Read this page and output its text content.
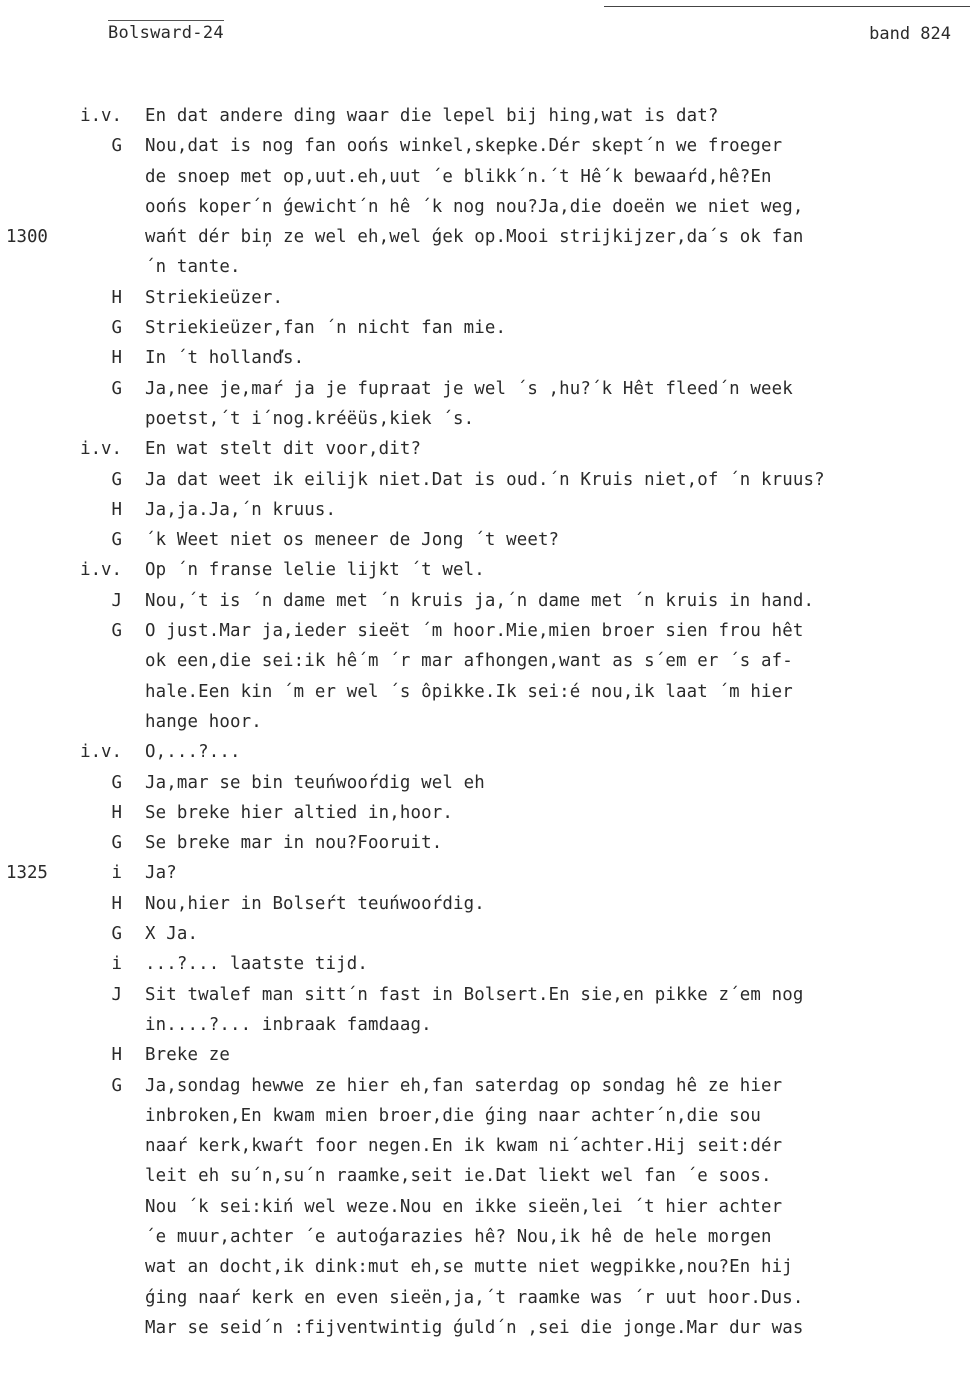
Bolsward-24	band 824
i.v. En dat andere ding waar die lepel bij hing,wat is dat?
G Nou,dat is nog fan oońs winkel,skepke.Dér skept´n we froeger
de snoep met op,uut.eh,uut ´e blikk´n.´t Hê´k bewaaŕd,hê?En
oońs koper´n ǵewicht´n hê ´k nog nou?Ja,die doeën we niet weg,
1300	wańt dér biņ ze wel eh,wel ǵek op.Mooi strijkijzer,da´s ok fan
´n tante.
H Striekieüzer.
G Striekieüzer,fan ´n nicht fan mie.
H In ´t hollanďs.
G Ja,nee je,maŕ ja je fupraat je wel ´s ,hu?´k Hêt fleed´n week
poetst,´t i´nog.kréëüs,kiek ´s.
i.v. En wat stelt dit voor,dit?
G Ja dat weet ik eilijk niet.Dat is oud.´n Kruis niet,of ´n kruus?
H Ja,ja.Ja,´n kruus.
G ´k Weet niet os meneer de Jong ´t weet?
i.v. Op ´n franse lelie lijkt ´t wel.
J Nou,´t is ´n dame met ´n kruis ja,´n dame met ´n kruis in hand.
G O just.Mar ja,ieder sieët ´m hoor.Mie,mien broer sien frou hêt
ok een,die sei:ik hê´m ´r mar afhongen,want as s´em er ´s af-
hale.Een kin ´m er wel ´s ôpikke.Ik sei:é nou,ik laat ´m hier
hange hoor.
i.v. O,...?...
G Ja,mar se bin teuńwooŕdig wel eh
H Se breke hier altied in,hoor.
G Se breke mar in nou?Fooruit.
1325	i Ja?
H Nou,hier in Bolseŕt teuńwooŕdig.
G X Ja.
i ...?... laatste tijd.
J Sit twalef man sitt´n fast in Bolsert.En sie,en pikke z´em nog
in....?... inbraak famdaag.
H Breke ze
G Ja,sondag hewwe ze hier eh,fan saterdag op sondag hê ze hier
inbroken,En kwam mien broer,die ǵing naar achter´n,die sou
naaŕ kerk,kwaŕt foor negen.En ik kwam ni´achter.Hij seit:dér
leit eh su´n,su´n raamke,seit ie.Dat liekt wel fan ´e soos.
Nou ´k sei:kiń wel weze.Nou en ikke sieën,lei ´t hier achter
´e muur,achter ´e autoǵarazies hê? Nou,ik hê de hele morgen
wat an docht,ik dink:mut eh,se mutte niet wegpikke,nou?En hij
ǵing naaŕ kerk en even sieën,ja,´t raamke was ´r uut hoor.Dus.
Mar se seid´n :fijventwintig ǵuld´n ,sei die jonge.Mar dur was
